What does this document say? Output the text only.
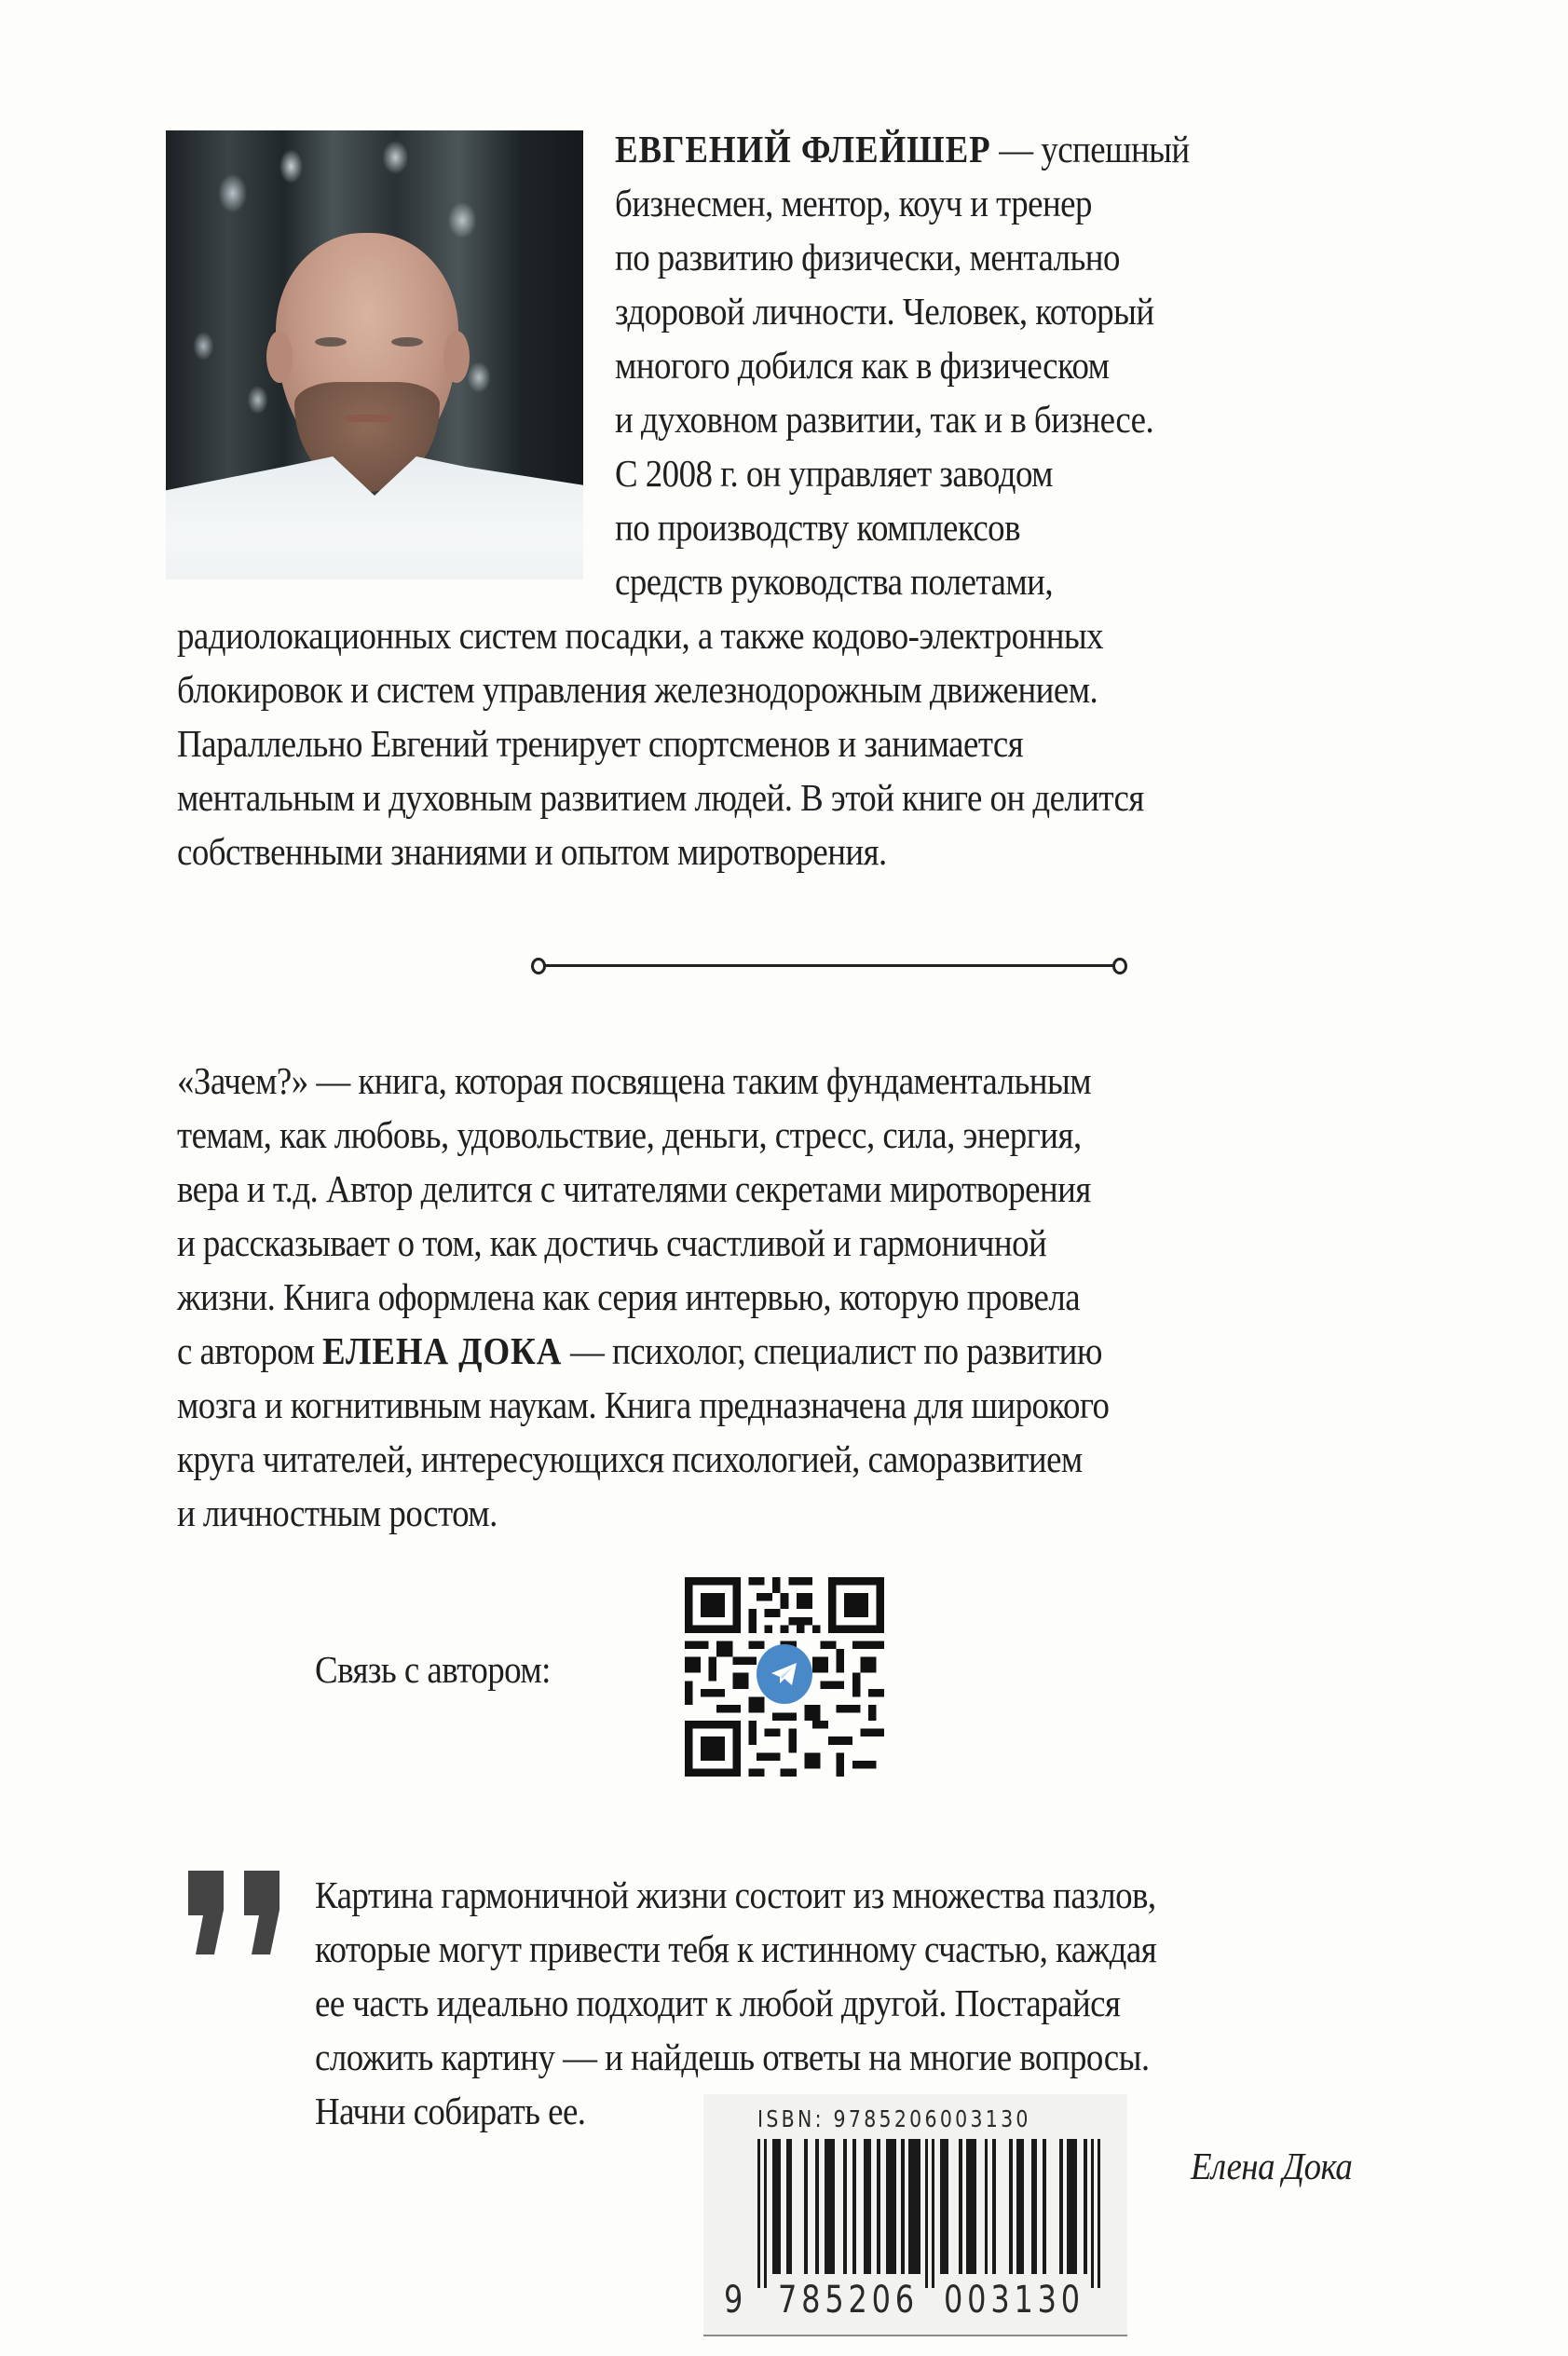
ЕВГЕНИЙ ФЛЕЙШЕР — успешный
бизнесмен, ментор, коуч и тренер
по развитию физически, ментально
здоровой личности. Человек, который
многого добился как в физическом
и духовном развитии, так и в бизнесе.
С 2008 г. он управляет заводом
по производству комплексов
средств руководства полетами,
радиолокационных систем посадки, а также кодово-электронных
блокировок и систем управления железнодорожным движением.
Параллельно Евгений тренирует спортсменов и занимается
ментальным и духовным развитием людей. В этой книге он делится
собственными знаниями и опытом миротворения.
«Зачем?» — книга, которая посвящена таким фундаментальным
темам, как любовь, удовольствие, деньги, стресс, сила, энергия,
вера и т.д. Автор делится с читателями секретами миротворения
и рассказывает о том, как достичь счастливой и гармоничной
жизни. Книга оформлена как серия интервью, которую провела
с автором ЕЛЕНА ДОКА — психолог, специалист по развитию
мозга и когнитивным наукам. Книга предназначена для широкого
круга читателей, интересующихся психологией, саморазвитием
и личностным ростом.
Связь с автором:
Картина гармоничной жизни состоит из множества пазлов,
которые могут привести тебя к истинному счастью, каждая
ее часть идеально подходит к любой другой. Постарайся
сложить картину — и найдешь ответы на многие вопросы.
Начни собирать ее.
Елена Дока
ISBN: 9785206003130
9 785206 003130
